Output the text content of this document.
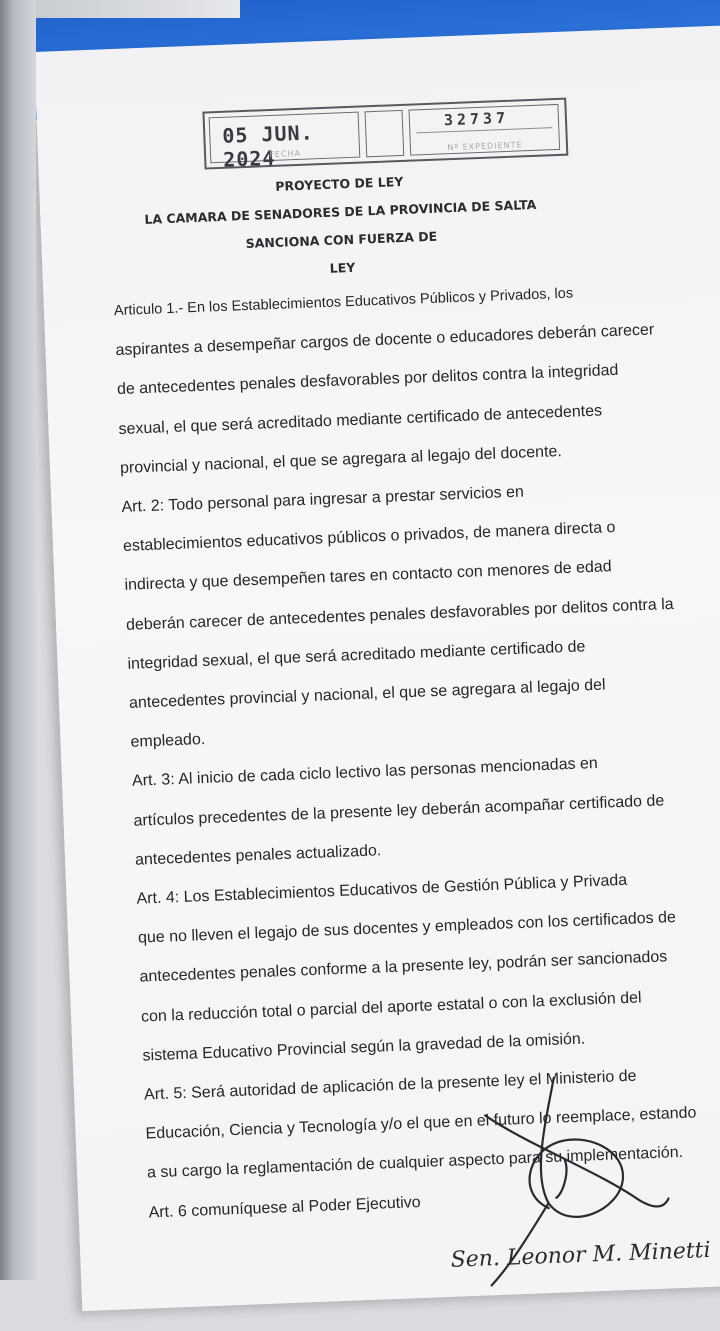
05 JUN. 2024
FECHA
32737
Nº EXPEDIENTE
PROYECTO DE LEY
LA CAMARA DE SENADORES DE LA PROVINCIA DE SALTA
SANCIONA CON FUERZA DE
LEY
Articulo 1.- En los Establecimientos Educativos Públicos y Privados, los
aspirantes a desempeñar cargos de docente o educadores deberán carecer
de antecedentes penales desfavorables por delitos contra la integridad
sexual, el que será acreditado mediante certificado de antecedentes
provincial y nacional, el que se agregara al legajo del docente.
Art. 2: Todo personal para ingresar a prestar servicios en
establecimientos educativos públicos o privados, de manera directa o
indirecta y que desempeñen tares en contacto con menores de edad
deberán carecer de antecedentes penales desfavorables por delitos contra la
integridad sexual, el que será acreditado mediante certificado de
antecedentes provincial y nacional, el que se agregara al legajo del
empleado.
Art. 3: Al inicio de cada ciclo lectivo las personas mencionadas en
artículos precedentes de la presente ley deberán acompañar certificado de
antecedentes penales actualizado.
Art. 4: Los Establecimientos Educativos de Gestión Pública y Privada
que no lleven el legajo de sus docentes y empleados con los certificados de
antecedentes penales conforme a la presente ley, podrán ser sancionados
con la reducción total o parcial del aporte estatal o con la exclusión del
sistema Educativo Provincial según la gravedad de la omisión.
Art. 5: Será autoridad de aplicación de la presente ley el Ministerio de
Educación, Ciencia y Tecnología y/o el que en el futuro lo reemplace, estando
a su cargo la reglamentación de cualquier aspecto para su implementación.
Art. 6 comuníquese al Poder Ejecutivo
Sen. Leonor M. Minetti
